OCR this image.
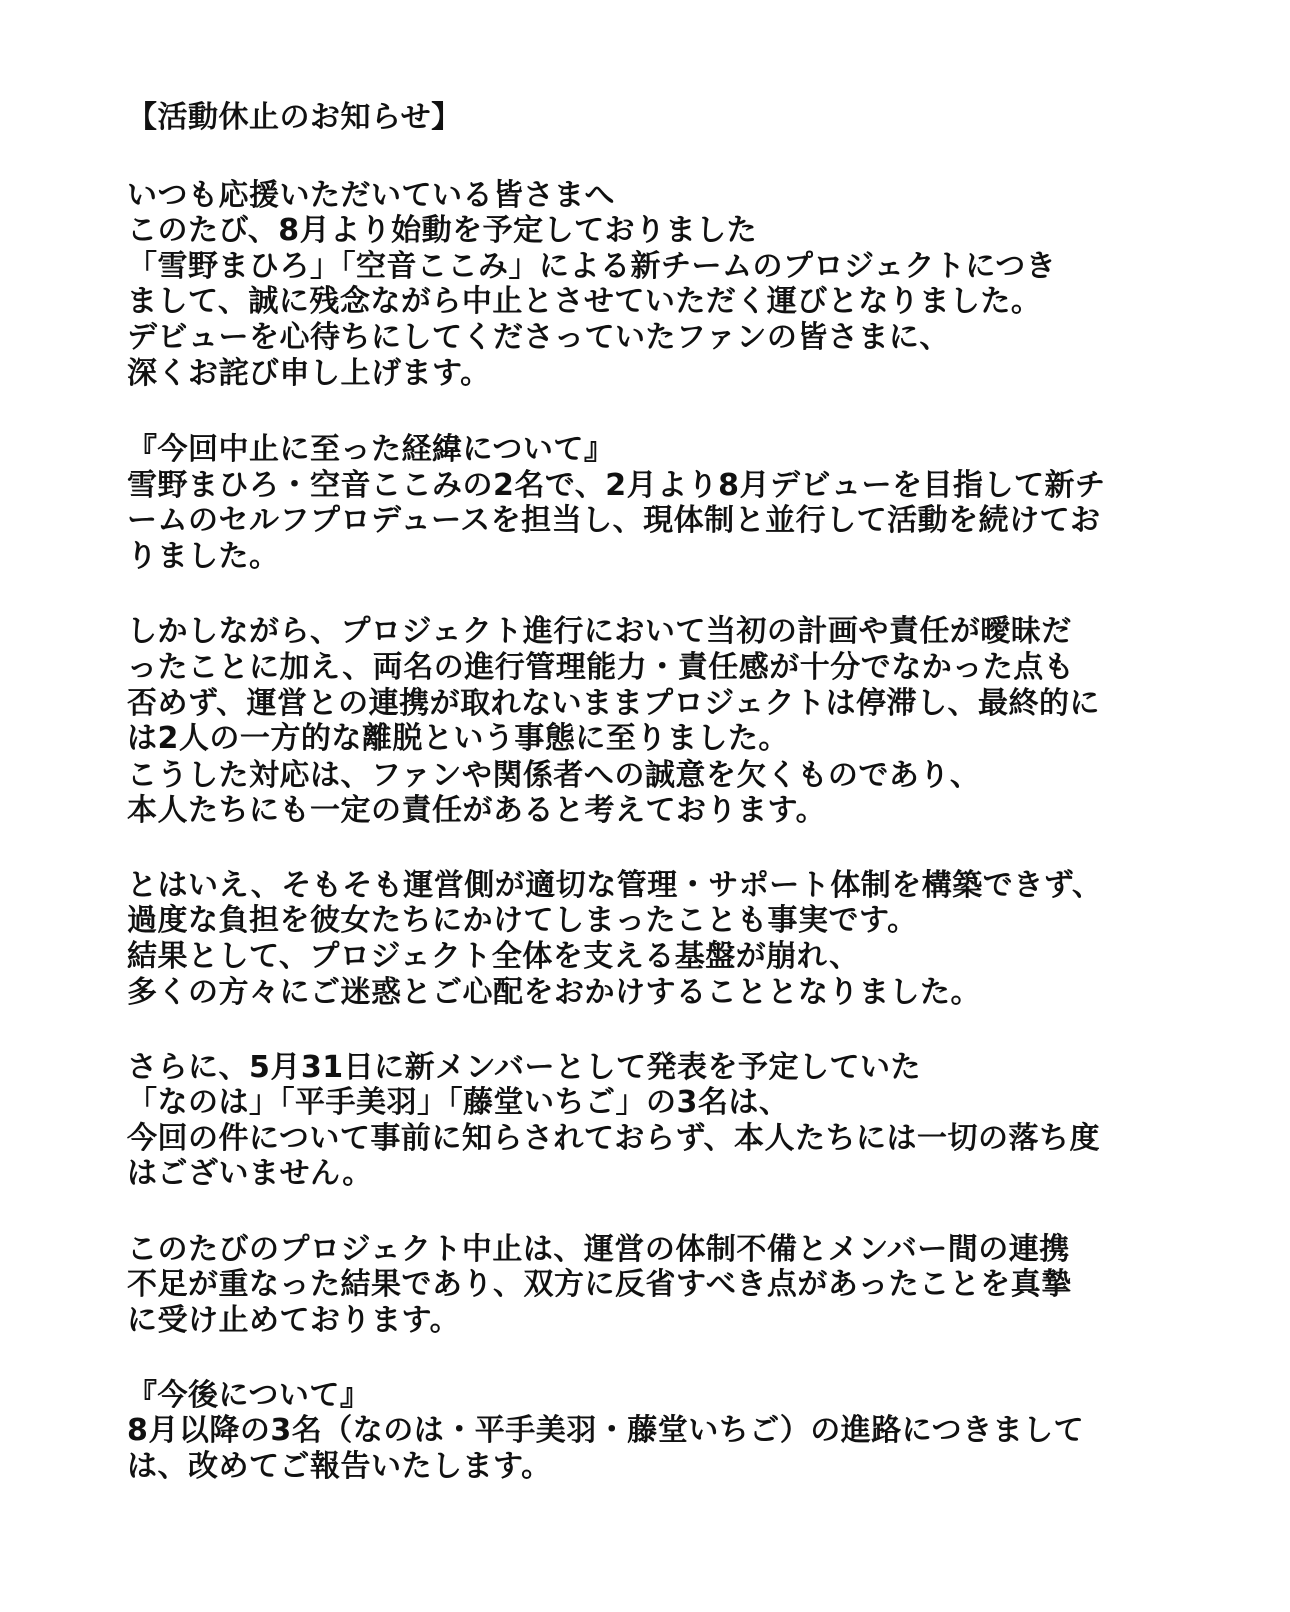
【活動休止のお知らせ】
いつも応援いただいている皆さまへ
このたび、8月より始動を予定しておりました
「雪野まひろ」「空音ここみ」による新チームのプロジェクトにつき
まして、誠に残念ながら中止とさせていただく運びとなりました。
デビューを心待ちにしてくださっていたファンの皆さまに、
深くお詫び申し上げます。
『今回中止に至った経緯について』
雪野まひろ・空音ここみの2名で、2月より8月デビューを目指して新チ
ームのセルフプロデュースを担当し、現体制と並行して活動を続けてお
りました。
しかしながら、プロジェクト進行において当初の計画や責任が曖昧だ
ったことに加え、両名の進行管理能力・責任感が十分でなかった点も
否めず、運営との連携が取れないままプロジェクトは停滞し、最終的に
は2人の一方的な離脱という事態に至りました。
こうした対応は、ファンや関係者への誠意を欠くものであり、
本人たちにも一定の責任があると考えております。
とはいえ、そもそも運営側が適切な管理・サポート体制を構築できず、
過度な負担を彼女たちにかけてしまったことも事実です。
結果として、プロジェクト全体を支える基盤が崩れ、
多くの方々にご迷惑とご心配をおかけすることとなりました。
さらに、5月31日に新メンバーとして発表を予定していた
「なのは」「平手美羽」「藤堂いちご」の3名は、
今回の件について事前に知らされておらず、本人たちには一切の落ち度
はございません。
このたびのプロジェクト中止は、運営の体制不備とメンバー間の連携
不足が重なった結果であり、双方に反省すべき点があったことを真摯
に受け止めております。
『今後について』
8月以降の3名（なのは・平手美羽・藤堂いちご）の進路につきまして
は、改めてご報告いたします。
